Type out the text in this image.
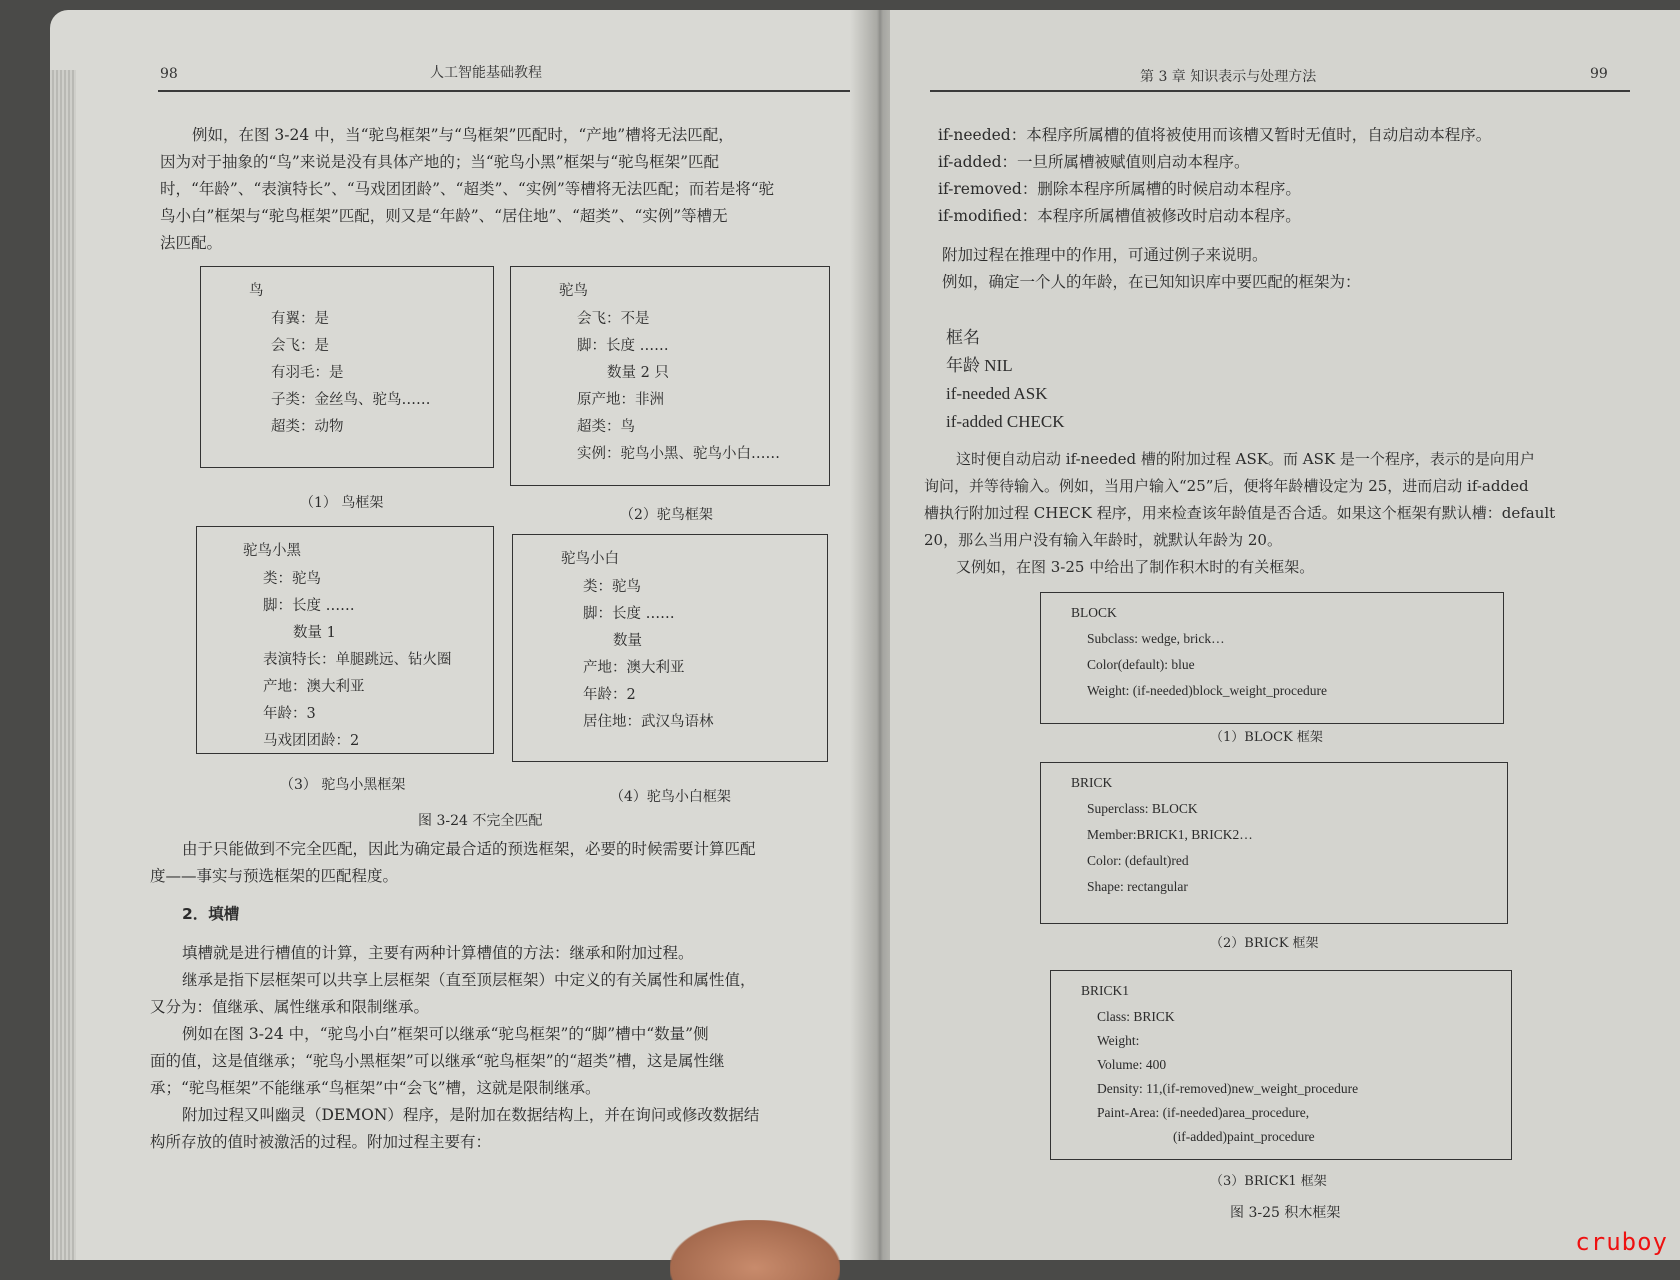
98	人工智能基础教程
例如，在图 3-24 中，当“驼鸟框架”与“鸟框架”匹配时，“产地”槽将无法匹配，
因为对于抽象的“鸟”来说是没有具体产地的；当“驼鸟小黑”框架与“驼鸟框架”匹配
时，“年龄”、“表演特长”、“马戏团团龄”、“超类”、“实例”等槽将无法匹配；而若是将“驼
鸟小白”框架与“驼鸟框架”匹配，则又是“年龄”、“居住地”、“超类”、“实例”等槽无
法匹配。
鸟
有翼：是
会飞：是
有羽毛：是
子类：金丝鸟、驼鸟……
超类：动物
（1） 鸟框架
驼鸟
会飞：不是
脚：长度 ……
数量 2 只
原产地：非洲
超类：鸟
实例：驼鸟小黑、驼鸟小白……
（2）驼鸟框架
驼鸟小黑
类：驼鸟
脚：长度 ……
数量 1
表演特长：单腿跳远、钻火圈
产地：澳大利亚
年龄：3
马戏团团龄：2
（3） 驼鸟小黑框架
驼鸟小白
类：驼鸟
脚：长度 ……
数量
产地：澳大利亚
年龄：2
居住地：武汉鸟语林
（4）驼鸟小白框架
图 3-24 不完全匹配
由于只能做到不完全匹配，因此为确定最合适的预选框架，必要的时候需要计算匹配
度——事实与预选框架的匹配程度。
2．填槽
填槽就是进行槽值的计算，主要有两种计算槽值的方法：继承和附加过程。
继承是指下层框架可以共享上层框架（直至顶层框架）中定义的有关属性和属性值，
又分为：值继承、属性继承和限制继承。
例如在图 3-24 中，“驼鸟小白”框架可以继承“驼鸟框架”的“脚”槽中“数量”侧
面的值，这是值继承；“驼鸟小黑框架”可以继承“驼鸟框架”的“超类”槽，这是属性继
承；“驼鸟框架”不能继承“鸟框架”中“会飞”槽，这就是限制继承。
附加过程又叫幽灵（DEMON）程序，是附加在数据结构上，并在询问或修改数据结
构所存放的值时被激活的过程。附加过程主要有：
第 3 章 知识表示与处理方法	99
if-needed：本程序所属槽的值将被使用而该槽又暂时无值时，自动启动本程序。
if-added：一旦所属槽被赋值则启动本程序。
if-removed：删除本程序所属槽的时候启动本程序。
if-modified：本程序所属槽值被修改时启动本程序。
附加过程在推理中的作用，可通过例子来说明。
例如，确定一个人的年龄，在已知知识库中要匹配的框架为：
框名
年龄 NIL
if-needed ASK
if-added CHECK
这时便自动启动 if-needed 槽的附加过程 ASK。而 ASK 是一个程序，表示的是向用户
询问，并等待输入。例如，当用户输入“25”后，便将年龄槽设定为 25，进而启动 if-added
槽执行附加过程 CHECK 程序，用来检查该年龄值是否合适。如果这个框架有默认槽：default
20，那么当用户没有输入年龄时，就默认年龄为 20。
又例如，在图 3-25 中给出了制作积木时的有关框架。
BLOCK
Subclass: wedge, brick…
Color(default): blue
Weight: (if-needed)block_weight_procedure
（1）BLOCK 框架
BRICK
Superclass: BLOCK
Member:BRICK1, BRICK2…
Color: (default)red
Shape: rectangular
（2）BRICK 框架
BRICK1
Class: BRICK
Weight:
Volume: 400
Density: 11,(if-removed)new_weight_procedure
Paint-Area: (if-needed)area_procedure,
(if-added)paint_procedure
（3）BRICK1 框架
图 3-25 积木框架
cruboy
